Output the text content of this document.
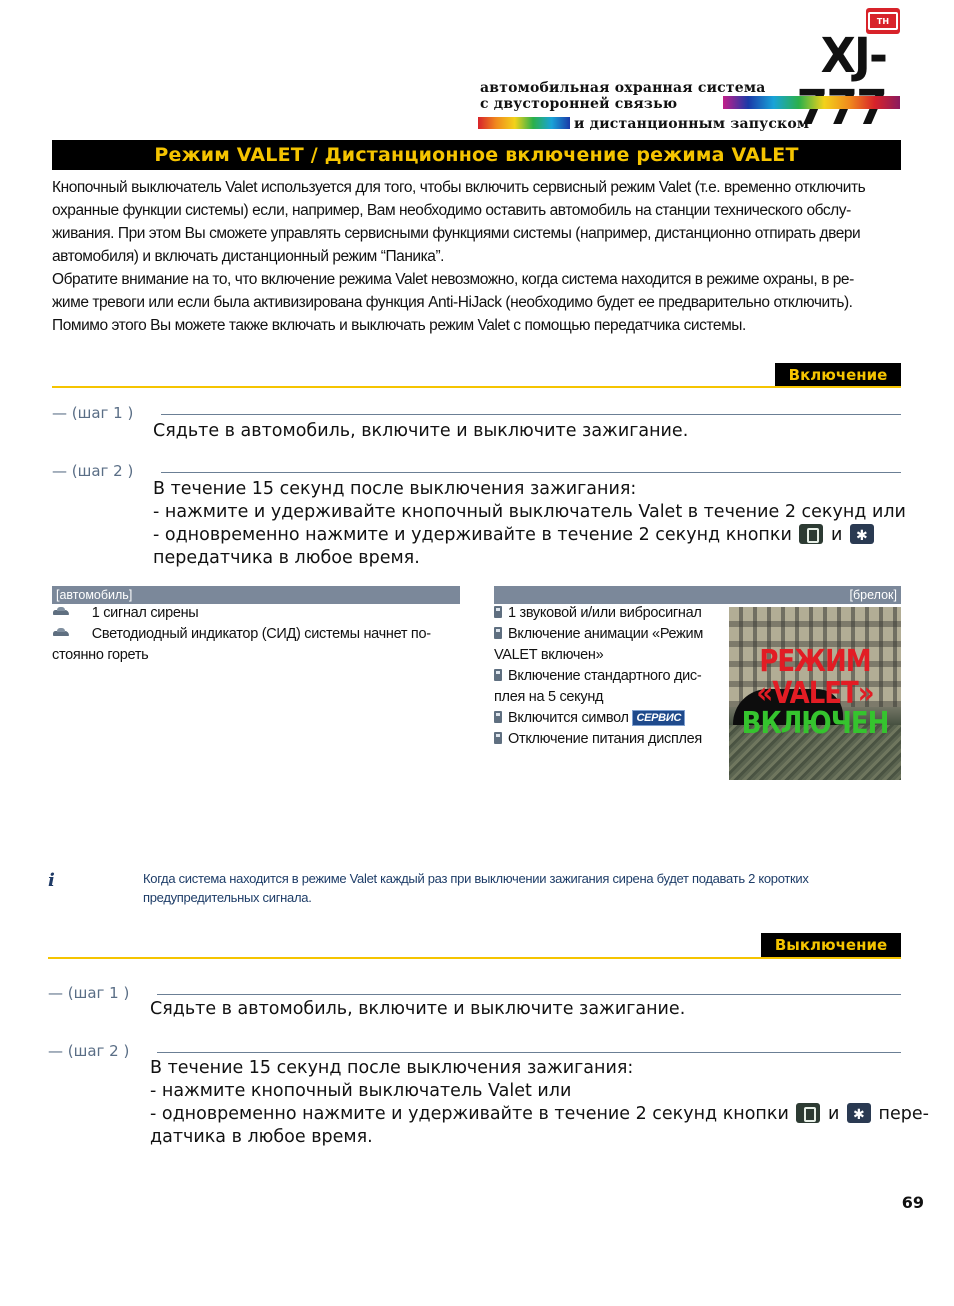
TH
XJ-
автомобильная охранная система
с двусторонней связью
и дистанционным запуском
Режим VALET / Дистанционное включение режима VALET

Кнопочный выключатель Valet используется для того, чтобы включить сервисный режим Valet (т.е. временно отключить

охранные функции системы) если, например, Вам необходимо оставить автомобиль на станции технического обслу-

живания. При этом Вы сможете управлять сервисными функциями системы (например, дистанционно отпирать двери

автомобиля) и включать дистанционный режим “Паника”.

Обратите внимание на то, что включение режима Valet невозможно, когда система находится в режиме охраны, в ре-

жиме тревоги или если была активизирована функция Anti-HiJack (необходимо будет ее предварительно отключить).

Помимо этого Вы можете также включать и выключать режим Valet с помощью передатчика системы.

Включение
— (шаг 1 )
Сядьте в автомобиль, включите и выключите зажигание.
— (шаг 2 )
В течение 15 секунд после выключения зажигания:
- нажмите и удерживайте кнопочный выключатель Valet в течение 2 секунд или
- одновременно нажмите и удерживайте в течение 2 секунд кнопки и ✱
передатчика в любое время.
[автомобиль]
1 сигнал сирены
Светодиодный индикатор (СИД) системы начнет по-
стоянно гореть
[брелок]
1 звуковой и/или вибросигнал
Включение анимации «Режим
VALET включен»
Включение стандартного дис-
плея на 5 секунд
Включится символ СЕРВИС
Отключение питания дисплея
РЕЖИМ
«VALET»
ВКЛЮЧЕН
i	Когда система находится в режиме Valet каждый раз при выключении зажигания сирена будет подавать 2 коротких
предупредительных сигнала.
Выключение
— (шаг 1 )
Сядьте в автомобиль, включите и выключите зажигание.
— (шаг 2 )
В течение 15 секунд после выключения зажигания:
- нажмите кнопочный выключатель Valet или
- одновременно нажмите и удерживайте в течение 2 секунд кнопки и ✱ пере-
датчика в любое время.
69
